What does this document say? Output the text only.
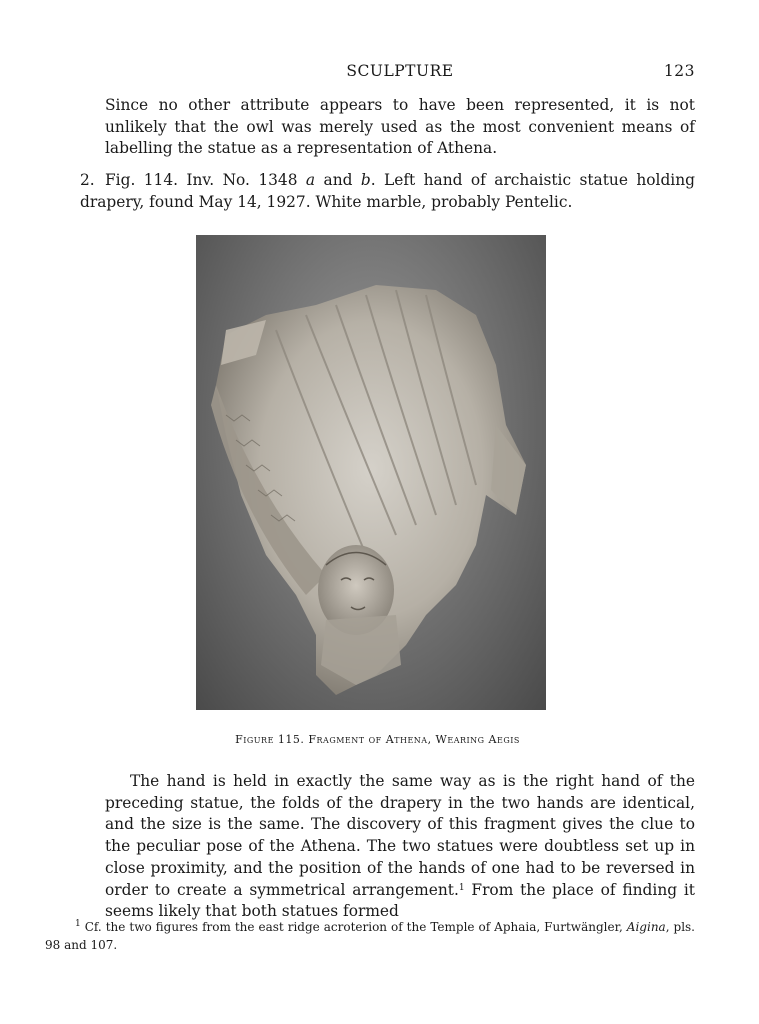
SCULPTURE	123

Since no other attribute appears to have been represented, it is not unlikely that the owl was merely used as the most convenient means of labelling the statue as a representation of Athena.

2. Fig. 114. Inv. No. 1348 a and b. Left hand of archaistic statue holding drapery, found May 14, 1927. White marble, probably Pentelic.

Figure 115. Fragment of Athena, Wearing Aegis

The hand is held in exactly the same way as is the right hand of the preceding statue, the folds of the drapery in the two hands are identical, and the size is the same. The discovery of this fragment gives the clue to the peculiar pose of the Athena. The two statues were doubtless set up in close proximity, and the position of the hands of one had to be reversed in order to create a symmetrical arrangement.$^1$ From the place of finding it seems likely that both statues formed

$^1$ Cf. the two figures from the east ridge acroterion of the Temple of Aphaia, Furtwängler, Aigina, pls. 98 and 107.
